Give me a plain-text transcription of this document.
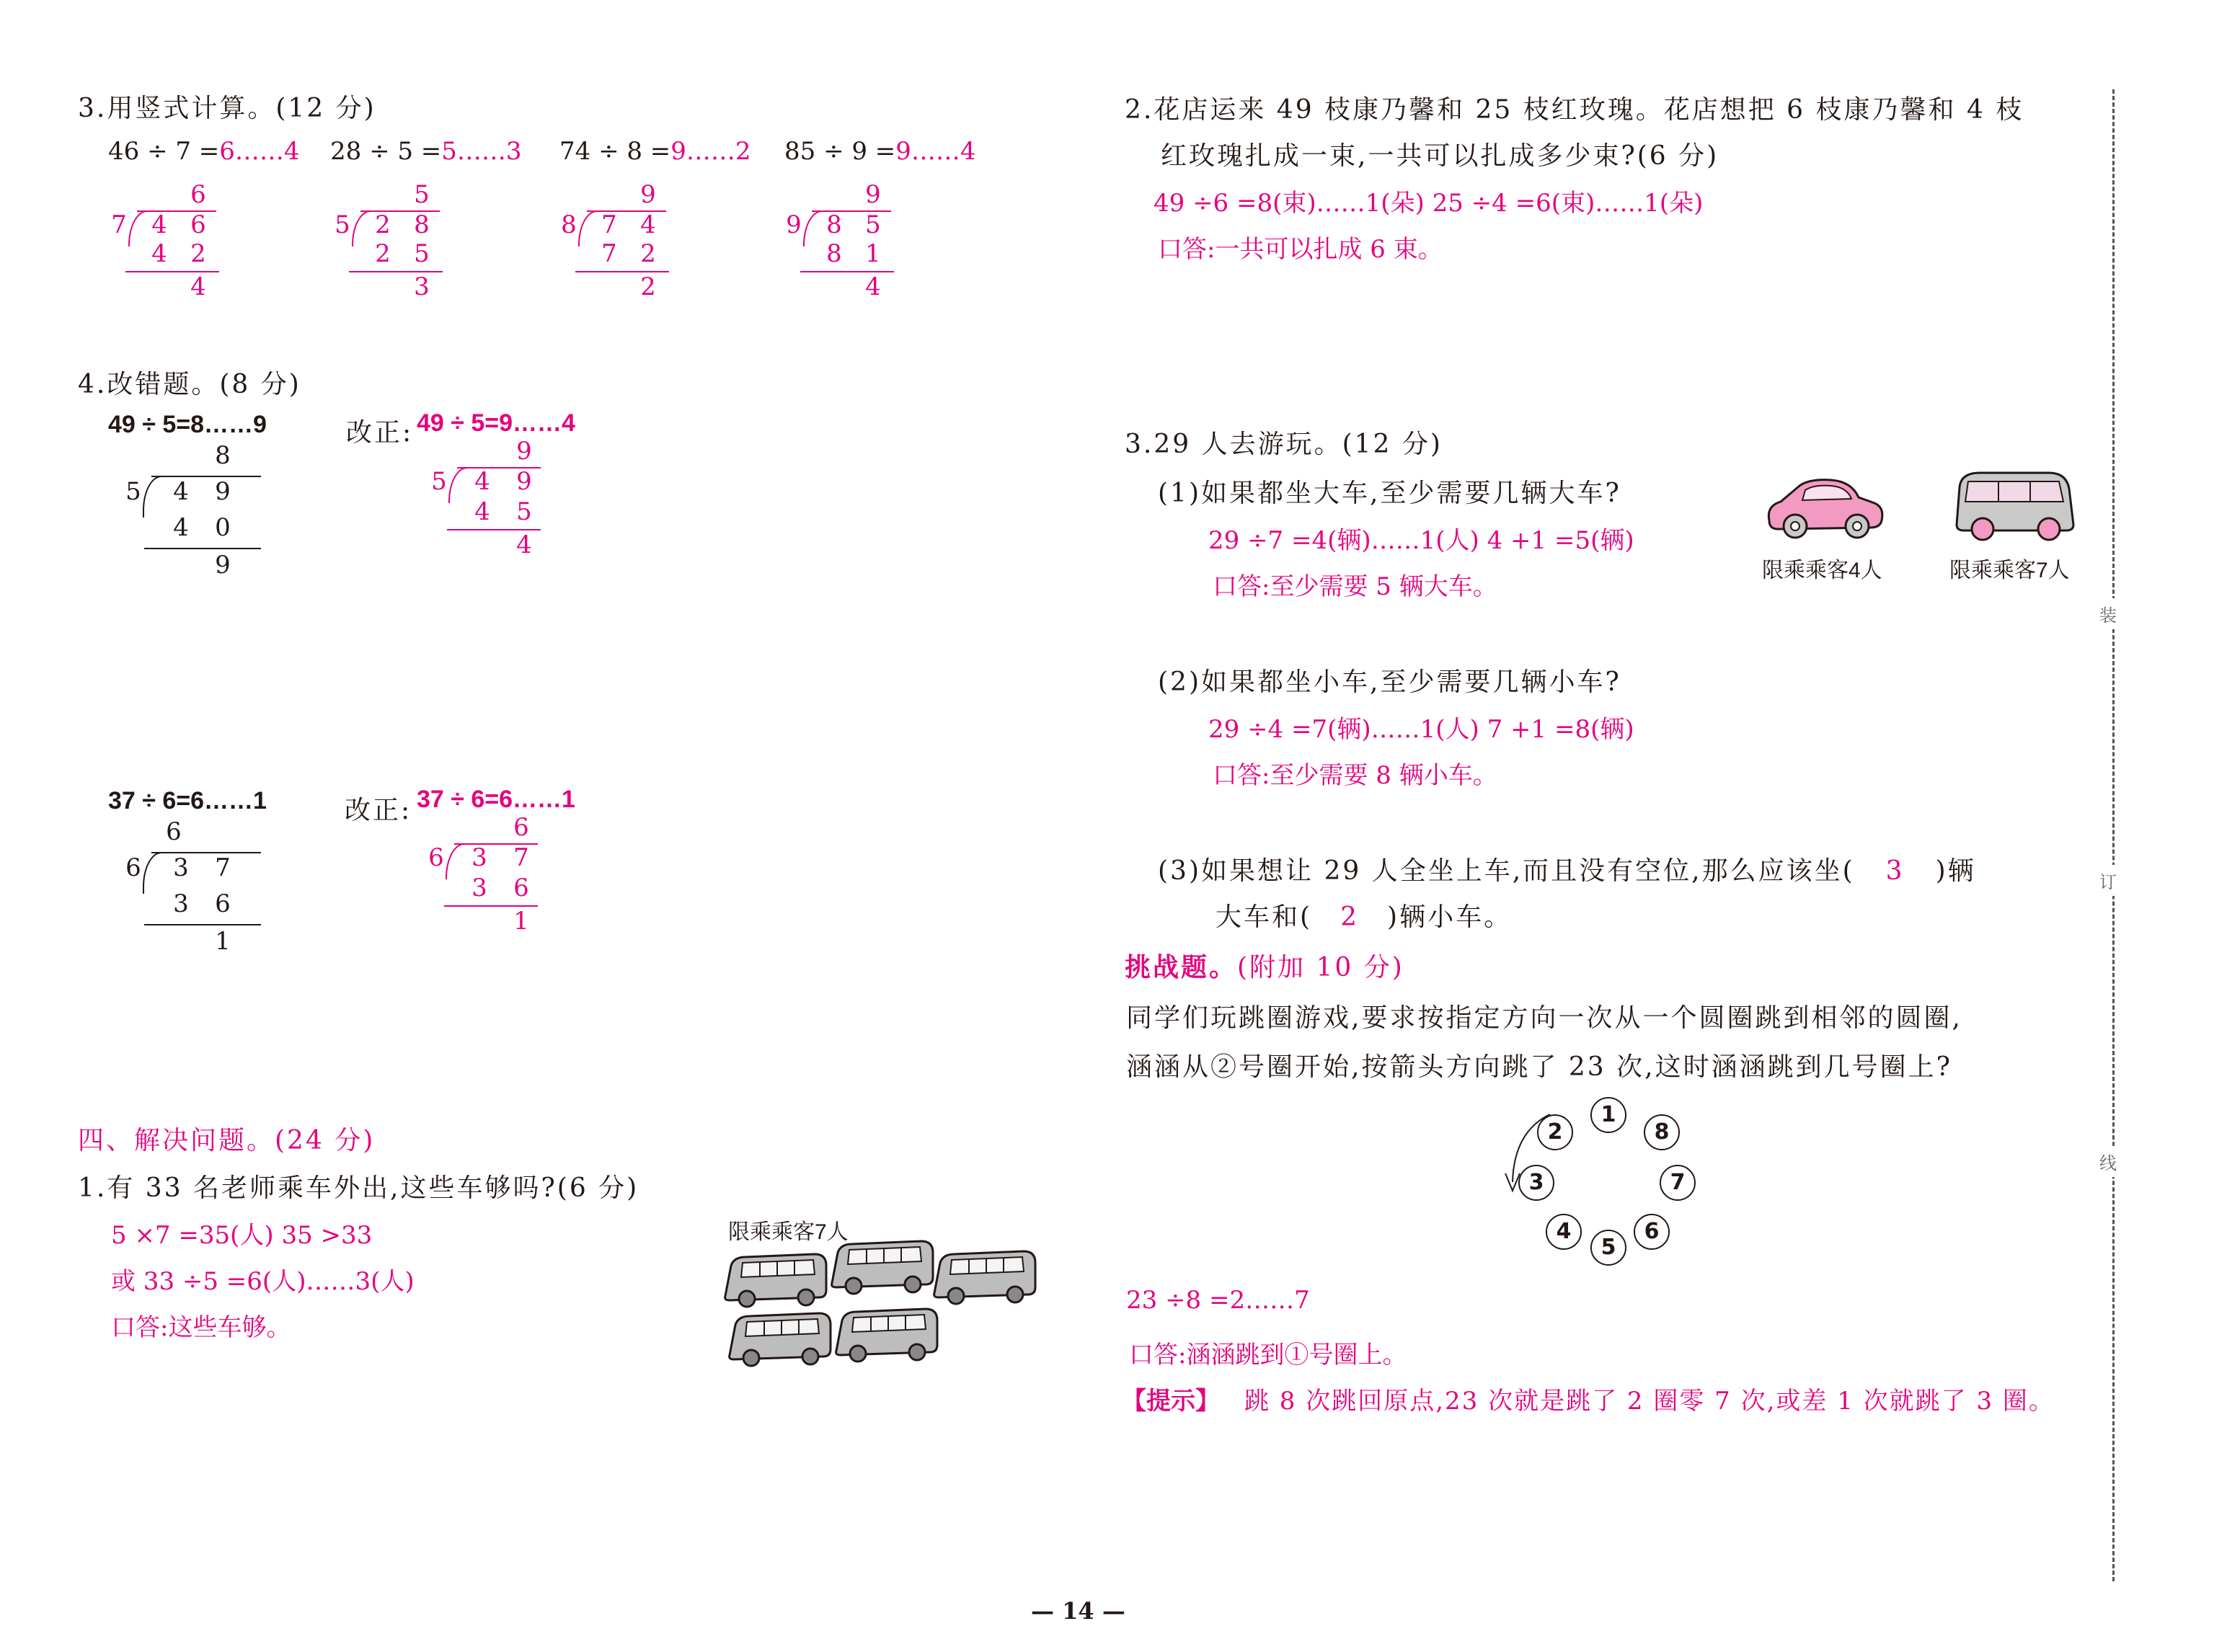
3.用竖式计算。(12 分)
46 ÷ 7 =6……4 28 ÷ 5 =5……3 74 ÷ 8 =9……2 85 ÷ 9 =9……4
6
7 4 6
4 2
4
5
5 2 8
2 5
3
9
8 7 4
7 2
2
9
9 8 5
8 1
4
4.改错题。(8 分)
49 ÷ 5=8……9
8
5 4 9
4 0
9
改正: 49 ÷ 5=9……4
9
5 4 9
4 5
4
37 ÷ 6=6……1
6
6 3 7
3 6
1
改正: 37 ÷ 6=6……1
6
6 3 7
3 6
1
四、解决问题。(24 分)
1.有 33 名老师乘车外出,这些车够吗?(6 分)
5 ×7 =35(人) 35 >33
或 33 ÷5 =6(人)……3(人)
口答:这些车够。
限乘乘客7人
2.花店运来 49 枝康乃馨和 25 枝红玫瑰。花店想把 6 枝康乃馨和 4 枝
红玫瑰扎成一束,一共可以扎成多少束?(6 分)
49 ÷6 =8(束)……1(朵) 25 ÷4 =6(束)……1(朵)
口答:一共可以扎成 6 束。
3.29 人去游玩。(12 分)
(1)如果都坐大车,至少需要几辆大车?
29 ÷7 =4(辆)……1(人) 4 +1 =5(辆)
口答:至少需要 5 辆大车。
(2)如果都坐小车,至少需要几辆小车?
29 ÷4 =7(辆)……1(人) 7 +1 =8(辆)
口答:至少需要 8 辆小车。
(3)如果想让 29 人全坐上车,而且没有空位,那么应该坐( 3 )辆
大车和( 2 )辆小车。
限乘乘客4人	限乘乘客7人
挑战题。(附加 10 分)
同学们玩跳圈游戏,要求按指定方向一次从一个圆圈跳到相邻的圆圈,
涵涵从②号圈开始,按箭头方向跳了 23 次,这时涵涵跳到几号圈上?
1
2
3
4
5
6
7
8
23 ÷8 =2……7
口答:涵涵跳到①号圈上。
【提示】 跳 8 次跳回原点,23 次就是跳了 2 圈零 7 次,或差 1 次就跳了 3 圈。
装
订
线
— 14 —
